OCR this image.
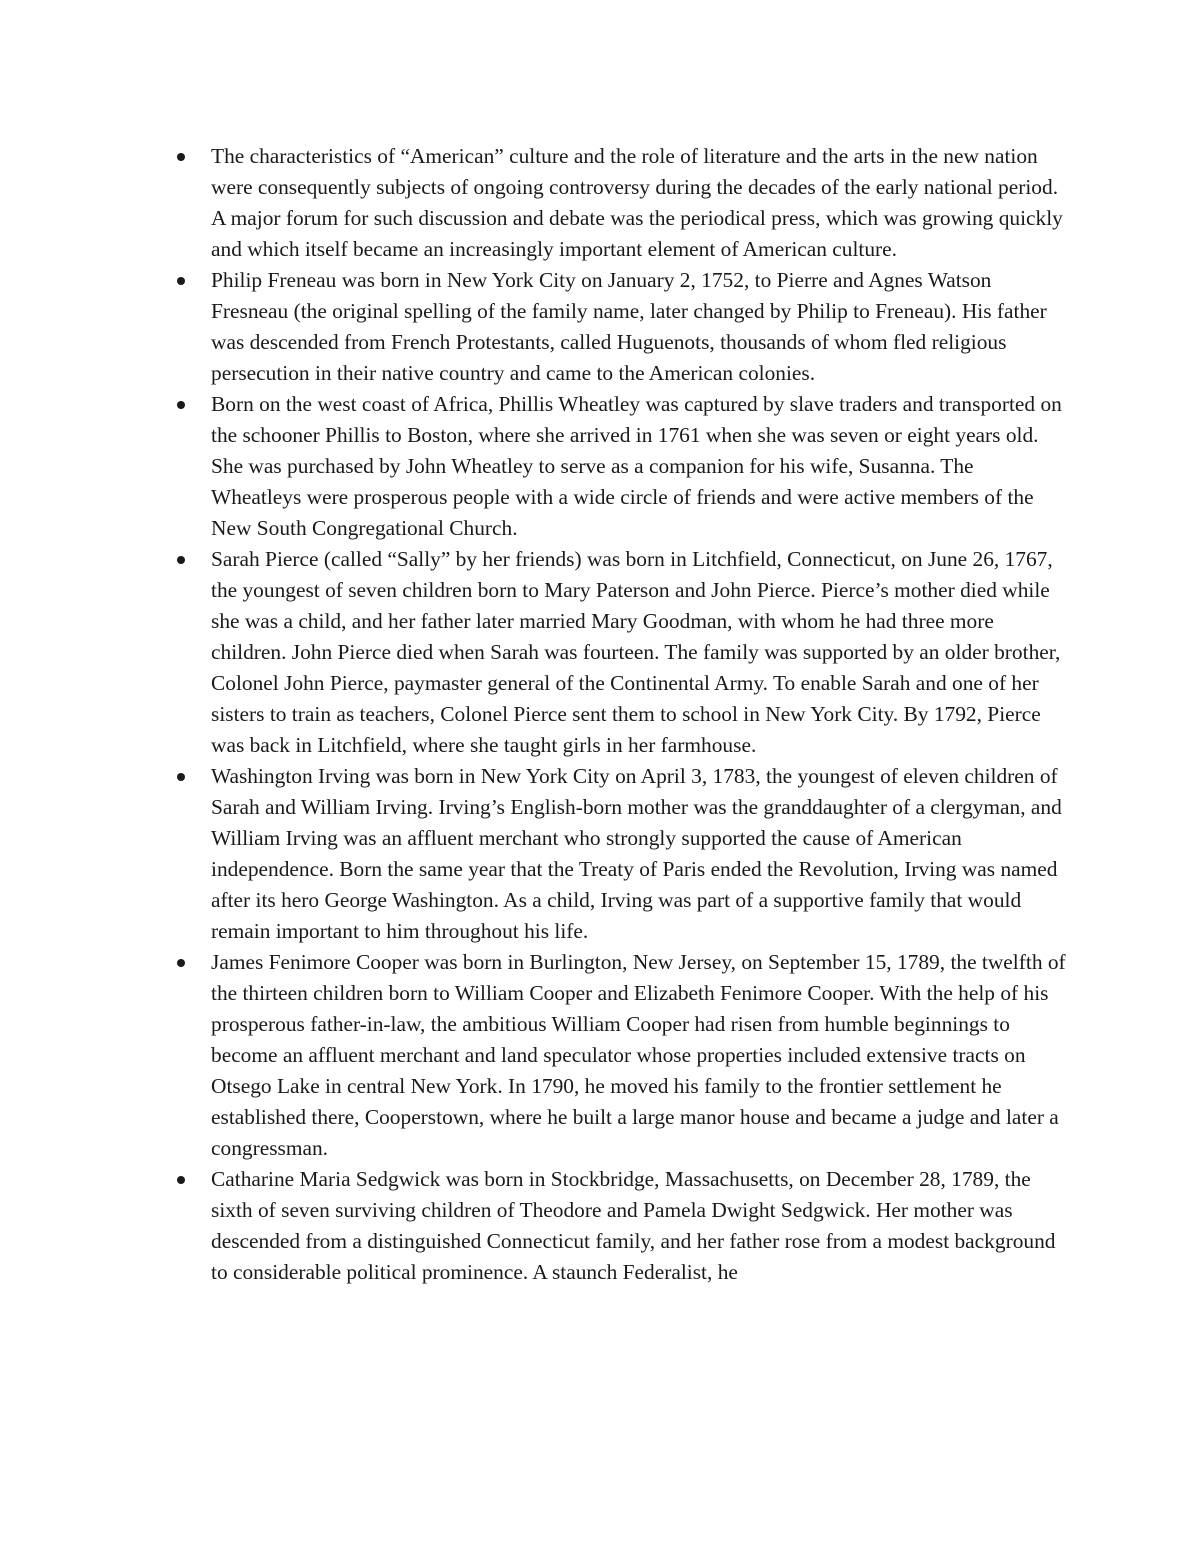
The characteristics of “American” culture and the role of literature and the arts in the new nation were consequently subjects of ongoing controversy during the decades of the early national period. A major forum for such discussion and debate was the periodical press, which was growing quickly and which itself became an increasingly important element of American culture.
Philip Freneau was born in New York City on January 2, 1752, to Pierre and Agnes Watson Fresneau (the original spelling of the family name, later changed by Philip to Freneau). His father was descended from French Protestants, called Huguenots, thousands of whom fled religious persecution in their native country and came to the American colonies.
Born on the west coast of Africa, Phillis Wheatley was captured by slave traders and transported on the schooner Phillis to Boston, where she arrived in 1761 when she was seven or eight years old. She was purchased by John Wheatley to serve as a companion for his wife, Susanna. The Wheatleys were prosperous people with a wide circle of friends and were active members of the New South Congregational Church.
Sarah Pierce (called “Sally” by her friends) was born in Litchfield, Connecticut, on June 26, 1767, the youngest of seven children born to Mary Paterson and John Pierce. Pierce’s mother died while she was a child, and her father later married Mary Goodman, with whom he had three more children. John Pierce died when Sarah was fourteen. The family was supported by an older brother, Colonel John Pierce, paymaster general of the Continental Army. To enable Sarah and one of her sisters to train as teachers, Colonel Pierce sent them to school in New York City. By 1792, Pierce was back in Litchfield, where she taught girls in her farmhouse.
Washington Irving was born in New York City on April 3, 1783, the youngest of eleven children of Sarah and William Irving. Irving’s English-born mother was the granddaughter of a clergyman, and William Irving was an affluent merchant who strongly supported the cause of American independence. Born the same year that the Treaty of Paris ended the Revolution, Irving was named after its hero George Washington. As a child, Irving was part of a supportive family that would remain important to him throughout his life.
James Fenimore Cooper was born in Burlington, New Jersey, on September 15, 1789, the twelfth of the thirteen children born to William Cooper and Elizabeth Fenimore Cooper. With the help of his prosperous father-in-law, the ambitious William Cooper had risen from humble beginnings to become an affluent merchant and land speculator whose properties included extensive tracts on Otsego Lake in central New York. In 1790, he moved his family to the frontier settlement he established there, Cooperstown, where he built a large manor house and became a judge and later a congressman.
Catharine Maria Sedgwick was born in Stockbridge, Massachusetts, on December 28, 1789, the sixth of seven surviving children of Theodore and Pamela Dwight Sedgwick. Her mother was descended from a distinguished Connecticut family, and her father rose from a modest background to considerable political prominence. A staunch Federalist, he
